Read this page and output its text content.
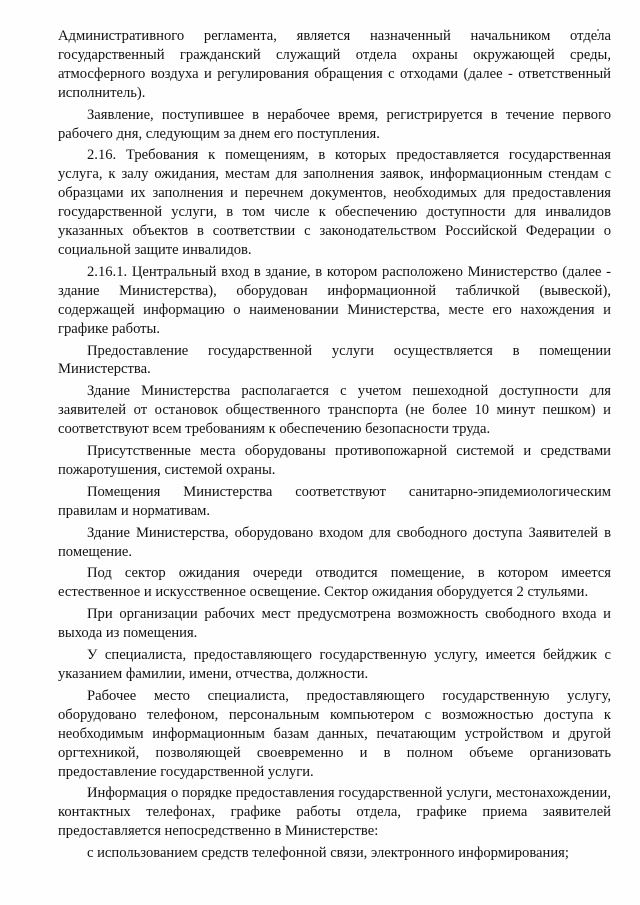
Административного регламента, является назначенный начальником отдела государственный гражданский служащий отдела охраны окружающей среды, атмосферного воздуха и регулирования обращения с отходами (далее - ответственный исполнитель).

Заявление, поступившее в нерабочее время, регистрируется в течение первого рабочего дня, следующим за днем его поступления.

2.16. Требования к помещениям, в которых предоставляется государственная услуга, к залу ожидания, местам для заполнения заявок, информационным стендам с образцами их заполнения и перечнем документов, необходимых для предоставления государственной услуги, в том числе к обеспечению доступности для инвалидов указанных объектов в соответствии с законодательством Российской Федерации о социальной защите инвалидов.

2.16.1. Центральный вход в здание, в котором расположено Министерство (далее - здание Министерства), оборудован информационной табличкой (вывеской), содержащей информацию о наименовании Министерства, месте его нахождения и графике работы.

Предоставление государственной услуги осуществляется в помещении Министерства.

Здание Министерства располагается с учетом пешеходной доступности для заявителей от остановок общественного транспорта (не более 10 минут пешком) и соответствуют всем требованиям к обеспечению безопасности труда.

Присутственные места оборудованы противопожарной системой и средствами пожаротушения, системой охраны.

Помещения Министерства соответствуют санитарно-эпидемиологическим правилам и нормативам.

Здание Министерства, оборудовано входом для свободного доступа Заявителей в помещение.

Под сектор ожидания очереди отводится помещение, в котором имеется естественное и искусственное освещение. Сектор ожидания оборудуется 2 стульями.

При организации рабочих мест предусмотрена возможность свободного входа и выхода из помещения.

У специалиста, предоставляющего государственную услугу, имеется бейджик с указанием фамилии, имени, отчества, должности.

Рабочее место специалиста, предоставляющего государственную услугу, оборудовано телефоном, персональным компьютером с возможностью доступа к необходимым информационным базам данных, печатающим устройством и другой оргтехникой, позволяющей своевременно и в полном объеме организовать предоставление государственной услуги.

Информация о порядке предоставления государственной услуги, местонахождении, контактных телефонах, графике работы отдела, графике приема заявителей предоставляется непосредственно в Министерстве:

с использованием средств телефонной связи, электронного информирования;
